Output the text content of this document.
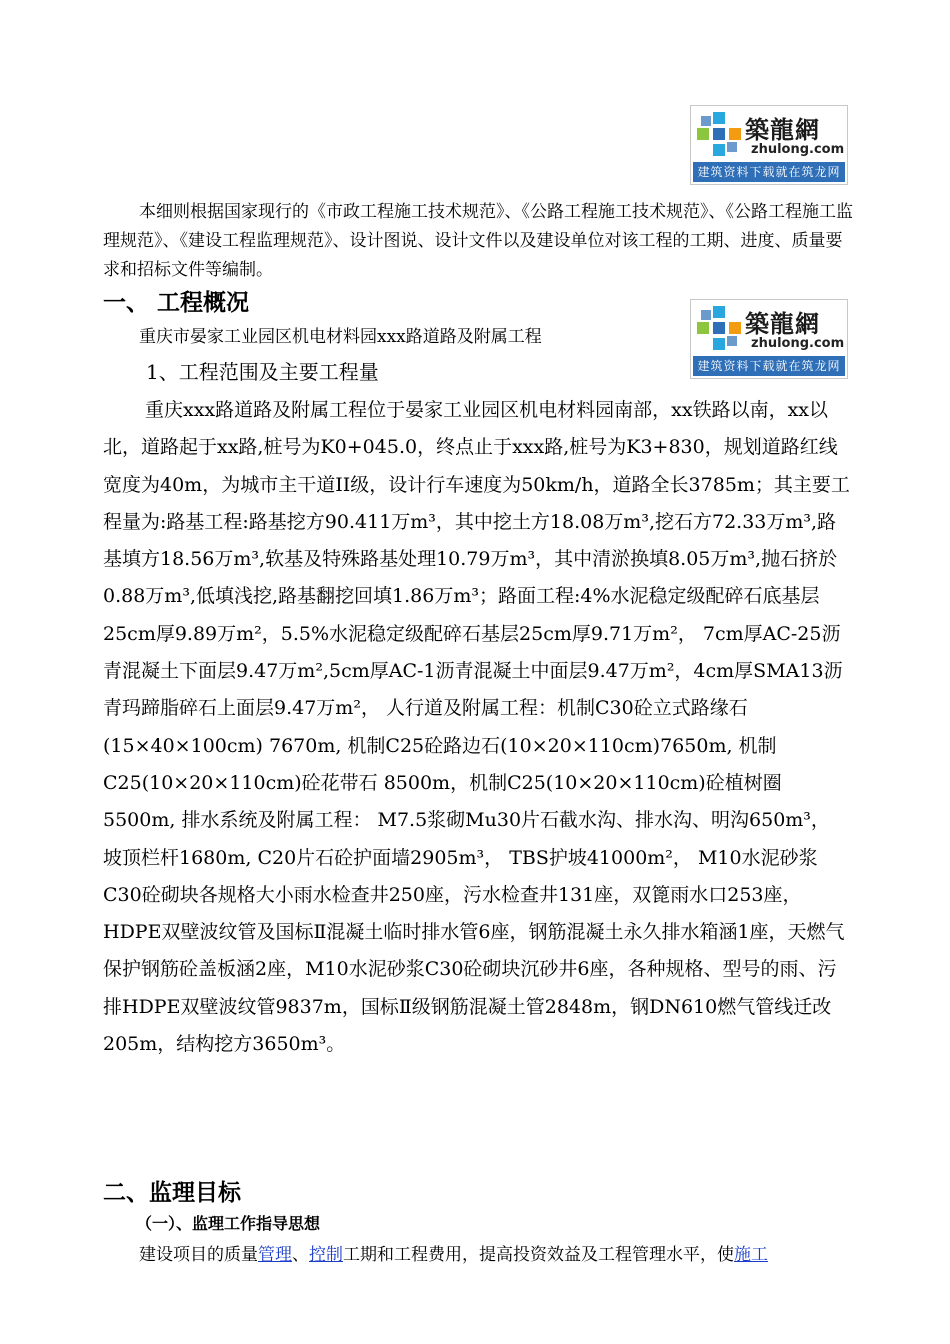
築龍網
zhulong.com
建筑资料下载就在筑龙网
本细则根据国家现行的《市政工程施工技术规范》、《公路工程施工技术规范》、《公路工程施工监理规范》、《建设工程监理规范》、设计图说、设计文件以及建设单位对该工程的工期、进度、质量要求和招标文件等编制。
一、 工程概况
築龍網
zhulong.com
建筑资料下载就在筑龙网
重庆市晏家工业园区机电材料园xxx路道路及附属工程
1、工程范围及主要工程量
重庆xxx路道路及附属工程位于晏家工业园区机电材料园南部，xx铁路以南，xx以北，道路起于xx路,桩号为K0+045.0，终点止于xxx路,桩号为K3+830，规划道路红线宽度为40m，为城市主干道II级，设计行车速度为50km/h，道路全长3785m；其主要工程量为:路基工程:路基挖方90.411万m³，其中挖土方18.08万m³,挖石方72.33万m³,路基填方18.56万m³,软基及特殊路基处理10.79万m³，其中清淤换填8.05万m³,抛石挤於0.88万m³,低填浅挖,路基翻挖回填1.86万m³；路面工程:4%水泥稳定级配碎石底基层25cm厚9.89万m²，5.5%水泥稳定级配碎石基层25cm厚9.71万m²， 7cm厚AC-25沥青混凝土下面层9.47万m²,5cm厚AC-1沥青混凝土中面层9.47万m²，4cm厚SMA13沥青玛蹄脂碎石上面层9.47万m²， 人行道及附属工程：机制C30砼立式路缘石(15×40×100cm) 7670m, 机制C25砼路边石(10×20×110cm)7650m, 机制C25(10×20×110cm)砼花带石 8500m，机制C25(10×20×110cm)砼植树圈5500m, 排水系统及附属工程： M7.5浆砌Mu30片石截水沟、排水沟、明沟650m³， 坡顶栏杆1680m, C20片石砼护面墙2905m³， TBS护坡41000m²， M10水泥砂浆C30砼砌块各规格大小雨水检查井250座，污水检查井131座，双篦雨水口253座，HDPE双壁波纹管及国标Ⅱ混凝土临时排水管6座，钢筋混凝土永久排水箱涵1座，天燃气保护钢筋砼盖板涵2座，M10水泥砂浆C30砼砌块沉砂井6座，各种规格、型号的雨、污排HDPE双壁波纹管9837m，国标Ⅱ级钢筋混凝土管2848m，钢DN610燃气管线迁改205m，结构挖方3650m³。
二、监理目标
（一）、监理工作指导思想
建设项目的质量管理、控制工期和工程费用，提高投资效益及工程管理水平，使施工
